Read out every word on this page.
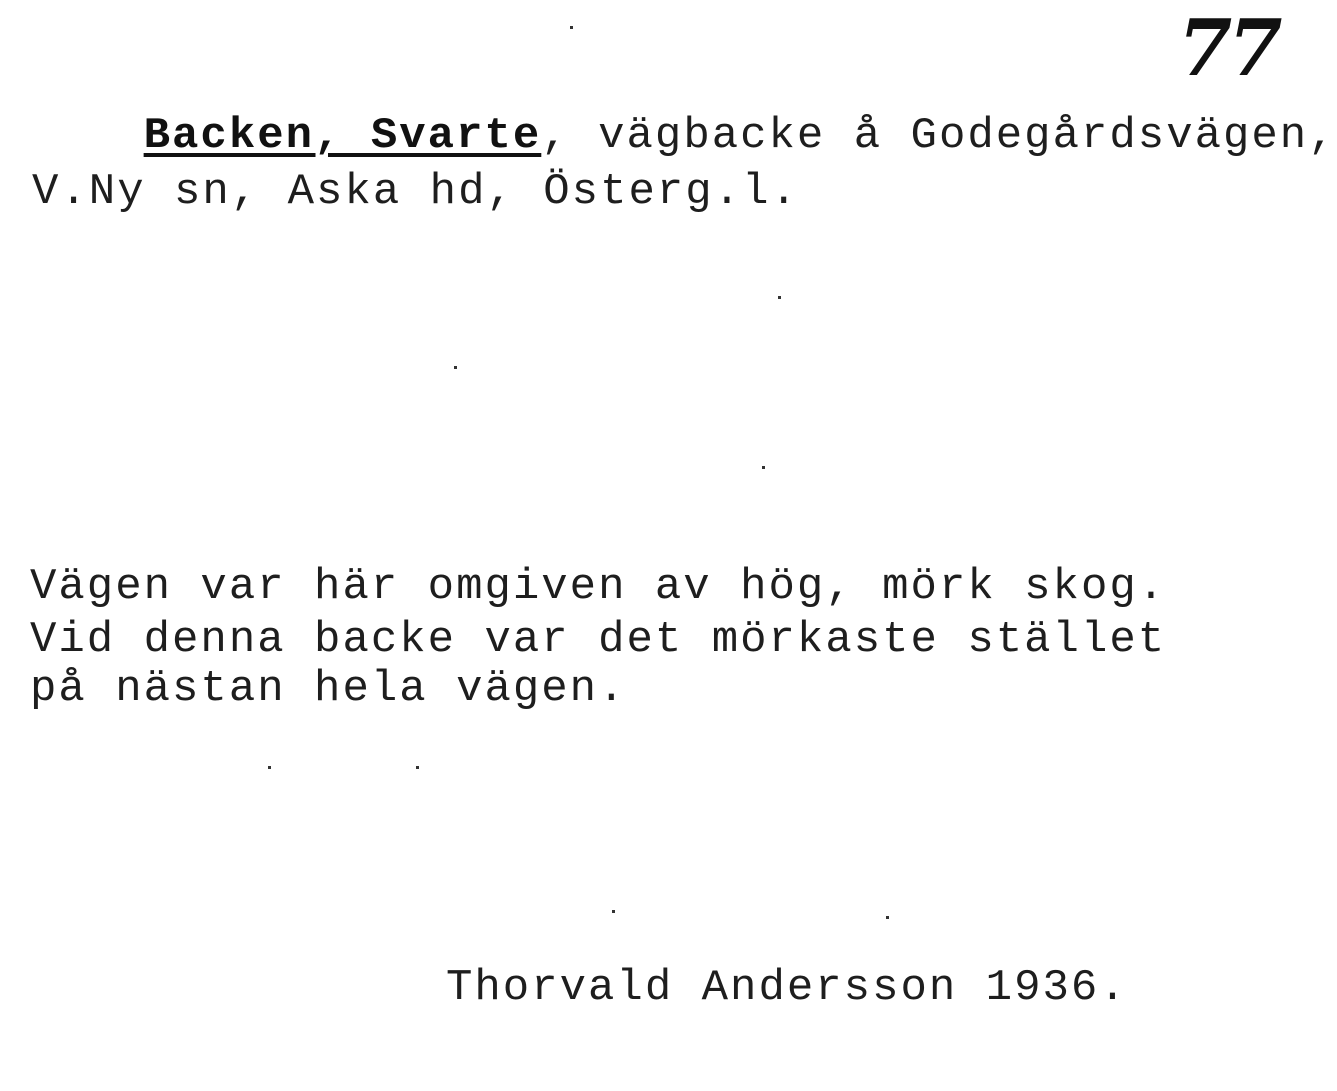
77

Backen, Svarte, vägbacke å Godegårdsvägen,

V.Ny sn, Aska hd, Österg.l.
Vägen var här omgiven av hög, mörk skog.
Vid denna backe var det mörkaste stället
på nästan hela vägen.
Thorvald Andersson 1936.
